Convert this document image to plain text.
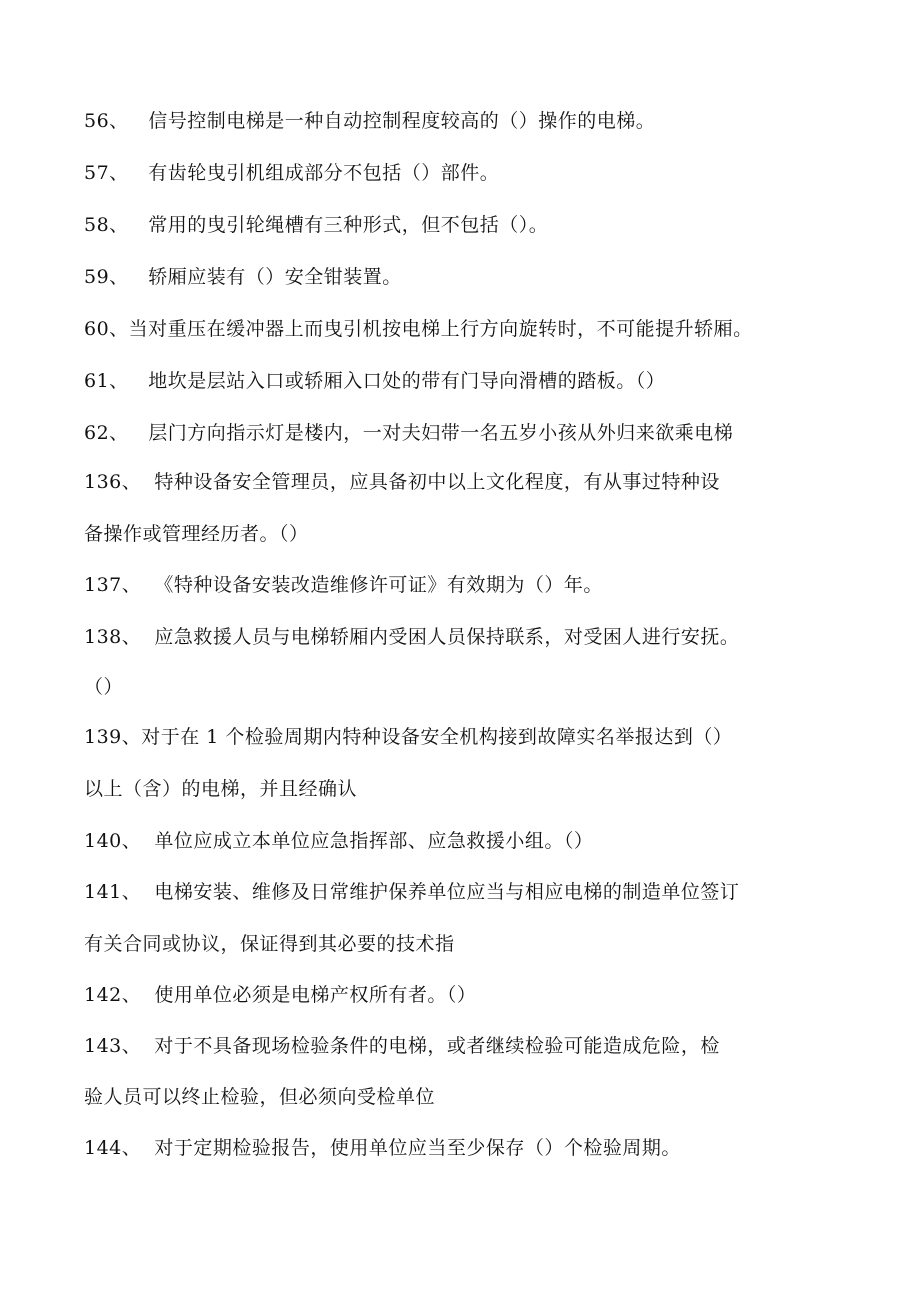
56、   信号控制电梯是一种自动控制程度较高的（）操作的电梯。
57、   有齿轮曳引机组成部分不包括（）部件。
58、   常用的曳引轮绳槽有三种形式，但不包括（）。
59、   轿厢应装有（）安全钳装置。
60、当对重压在缓冲器上而曳引机按电梯上行方向旋转时，不可能提升轿厢。
61、   地坎是层站入口或轿厢入口处的带有门导向滑槽的踏板。（）
62、   层门方向指示灯是楼内，一对夫妇带一名五岁小孩从外归来欲乘电梯
136、  特种设备安全管理员，应具备初中以上文化程度，有从事过特种设
备操作或管理经历者。（）
137、  《特种设备安装改造维修许可证》有效期为（）年。
138、  应急救援人员与电梯轿厢内受困人员保持联系，对受困人进行安抚。
（）
139、对于在 1 个检验周期内特种设备安全机构接到故障实名举报达到（）
以上（含）的电梯，并且经确认
140、  单位应成立本单位应急指挥部、应急救援小组。（）
141、  电梯安装、维修及日常维护保养单位应当与相应电梯的制造单位签订
有关合同或协议，保证得到其必要的技术指
142、  使用单位必须是电梯产权所有者。（）
143、  对于不具备现场检验条件的电梯，或者继续检验可能造成危险，检
验人员可以终止检验，但必须向受检单位
144、  对于定期检验报告，使用单位应当至少保存（）个检验周期。
